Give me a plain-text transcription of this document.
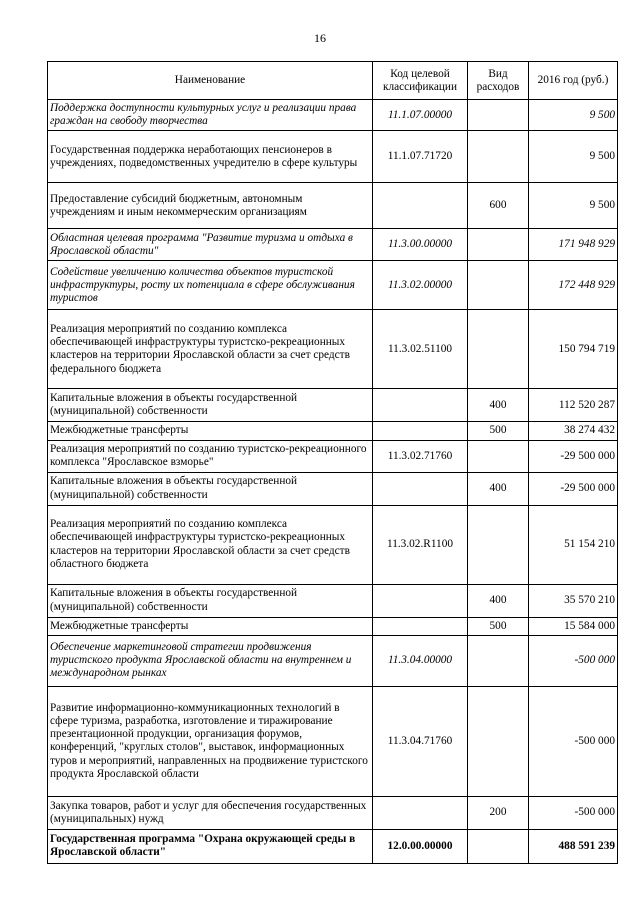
16
Наименование	Код целевой классификации	Вид расходов	2016 год (руб.)
Поддержка доступности культурных услуг и реализации права граждан на свободу творчества	11.1.07.00000		9 500
Государственная поддержка неработающих пенсионеров в учреждениях, подведомственных учредителю в сфере культуры	11.1.07.71720		9 500
Предоставление субсидий бюджетным, автономным учреждениям и иным некоммерческим организациям		600	9 500
Областная целевая программа "Развитие туризма и отдыха в Ярославской области"	11.3.00.00000		171 948 929
Содействие увеличению количества объектов туристской инфраструктуры, росту их потенциала в сфере обслуживания туристов	11.3.02.00000		172 448 929
Реализация мероприятий по созданию комплекса обеспечивающей инфраструктуры туристско-рекреационных кластеров на территории Ярославской области за счет средств федерального бюджета	11.3.02.51100		150 794 719
Капитальные вложения в объекты государственной (муниципальной) собственности		400	112 520 287
Межбюджетные трансферты		500	38 274 432
Реализация мероприятий по созданию туристско-рекреационного комплекса "Ярославское взморье"	11.3.02.71760		-29 500 000
Капитальные вложения в объекты государственной (муниципальной) собственности		400	-29 500 000
Реализация мероприятий по созданию комплекса обеспечивающей инфраструктуры туристско-рекреационных кластеров на территории Ярославской области за счет средств областного бюджета	11.3.02.R1100		51 154 210
Капитальные вложения в объекты государственной (муниципальной) собственности		400	35 570 210
Межбюджетные трансферты		500	15 584 000
Обеспечение маркетинговой стратегии продвижения туристского продукта Ярославской области на внутреннем и международном рынках	11.3.04.00000		-500 000
Развитие информационно-коммуникационных технологий в сфере туризма, разработка, изготовление и тиражирование презентационной продукции, организация форумов, конференций, "круглых столов", выставок, информационных туров и мероприятий, направленных на продвижение туристского продукта Ярославской области	11.3.04.71760		-500 000
Закупка товаров, работ и услуг для обеспечения государственных (муниципальных) нужд		200	-500 000
Государственная программа "Охрана окружающей среды в Ярославской области"	12.0.00.00000		488 591 239
